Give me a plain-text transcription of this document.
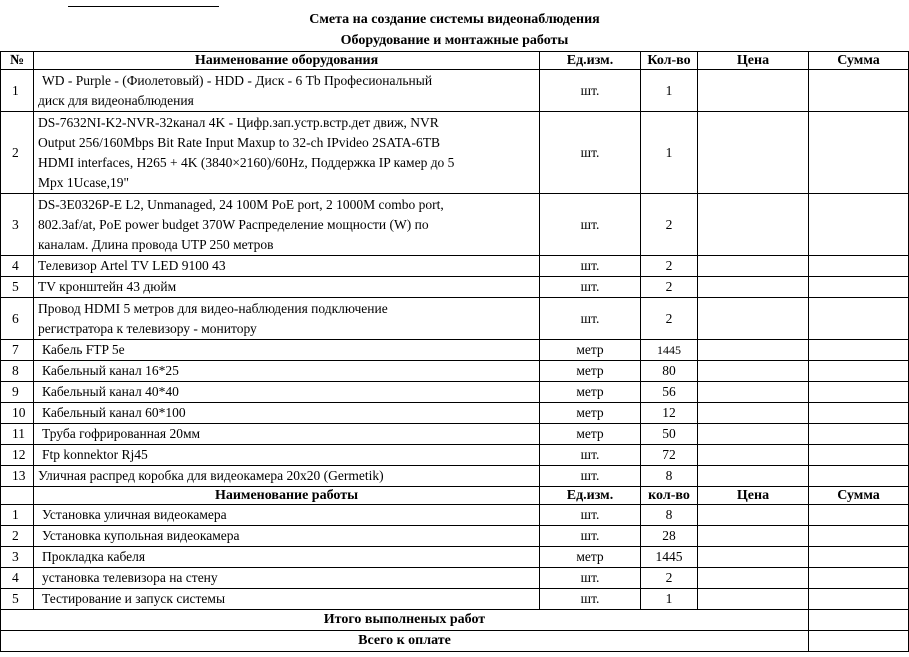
Смета на создание системы видеонаблюдения
Оборудование и монтажные работы
№	Наименование оборудования	Ед.изм.	Кол-во	Цена	Сумма
1	WD - Purple - (Фиолетовый) - HDD - Диск - 6 Tb Професиональный
диск для видеонаблюдения	шт.	1		
2	DS-7632NI-K2-NVR-32канал 4K - Цифр.зап.устр.встр.дет движ, NVR
Output 256/160Mbps Bit Rate Input Maxup to 32-ch IPvideo 2SATA-6TB
HDMI interfaces, H265 + 4K (3840×2160)/60Hz, Поддержка IP камер до 5
Mpx 1Ucase,19"	шт.	1		
3	DS-3E0326P-E L2, Unmanaged, 24 100M PoE port, 2 1000M combo port,
802.3af/at, PoE power budget 370W Распределение мощности (W) по
каналам. Длина провода UTP 250 метров	шт.	2		
4	Телевизор Artel TV LED 9100 43	шт.	2		
5	TV кронштейн 43 дюйм	шт.	2		
6	Провод HDMI 5 метров для видео-наблюдения подключение
регистратора к телевизору - монитору	шт.	2		
7	Кабель FTP 5e	метр	1445		
8	Кабельный канал 16*25	метр	80		
9	Кабельный канал 40*40	метр	56		
10	Кабельный канал 60*100	метр	12		
11	Труба гофрированная 20мм	метр	50		
12	Ftp konnektor Rj45	шт.	72		
13	Уличная распред коробка для видеокамера 20x20 (Germetik)	шт.	8		
	Наименование работы	Ед.изм.	кол-во	Цена	Сумма
1	Установка уличная видеокамера	шт.	8		
2	Установка купольная видеокамера	шт.	28		
3	Прокладка кабеля	метр	1445		
4	установка телевизора на стену	шт.	2		
5	Тестирование и запуск системы	шт.	1		
Итого выполненых работ					
Всего к оплате					
